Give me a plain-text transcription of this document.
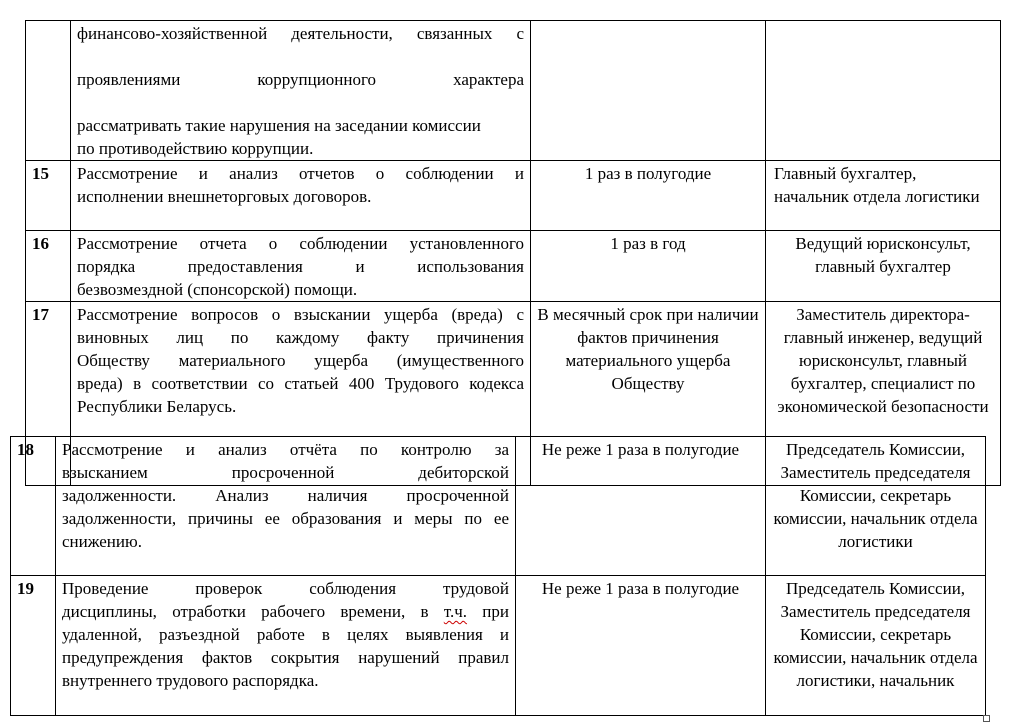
	финансово-хозяйственной деятельности, связанных с
проявлениями коррупционного характера
рассматривать такие нарушения на заседании комиссии
по противодействию коррупции.		

15	Рассмотрение и анализ отчетов о соблюдении и
исполнении внешнеторговых договоров.	1 раз в полугодие	Главный бухгалтер, начальник отдела логистики
16	Рассмотрение отчета о соблюдении установленного
порядка предоставления и использования
безвозмездной (спонсорской) помощи.	1 раз в год	Ведущий юрисконсульт, главный бухгалтер
17	Рассмотрение вопросов о взыскании ущерба (вреда) с
виновных лиц по каждому факту причинения
Обществу материального ущерба (имущественного
вреда) в соответствии со статьей 400 Трудового кодекса
Республики Беларусь.	В месячный срок при наличии фактов причинения материального ущерба Обществу	Заместитель директора-главный инженер, ведущий юрисконсульт, главный бухгалтер, специалист по экономической безопасности
18	Рассмотрение и анализ отчёта по контролю за
взысканием просроченной дебиторской
задолженности. Анализ наличия просроченной
задолженности, причины ее образования и меры по ее
снижению.	Не реже 1 раза в полугодие	Председатель Комиссии, Заместитель председателя Комиссии, секретарь комиссии, начальник отдела логистики
19	Проведение проверок соблюдения трудовой
дисциплины, отработки рабочего времени, в т.ч. при
удаленной, разъездной работе в целях выявления и
предупреждения фактов сокрытия нарушений правил
внутреннего трудового распорядка.	Не реже 1 раза в полугодие	Председатель Комиссии, Заместитель председателя Комиссии, секретарь комиссии, начальник отдела логистики, начальник
